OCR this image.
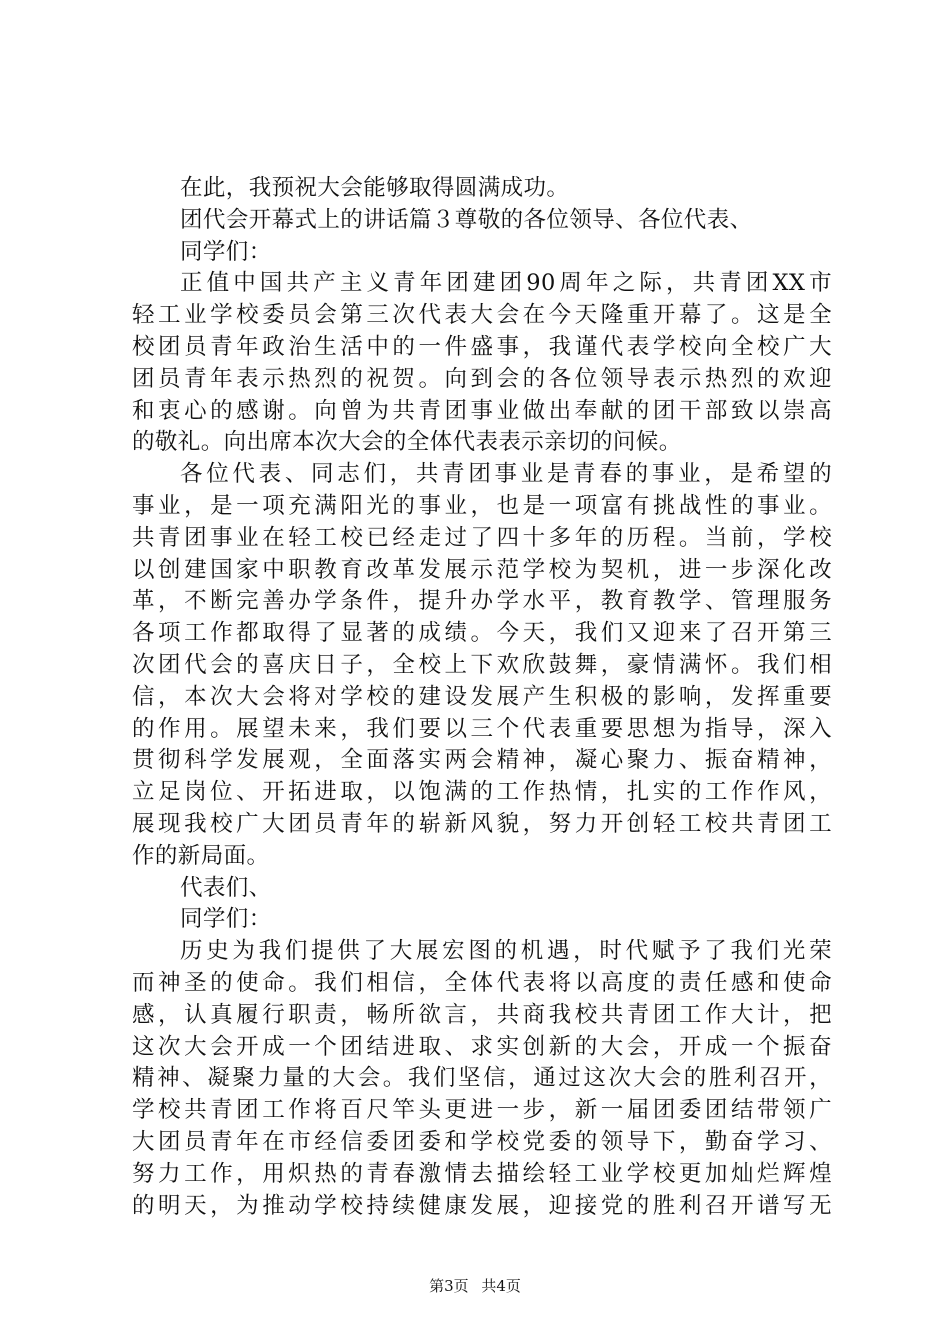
在此，我预祝大会能够取得圆满成功。
团代会开幕式上的讲话篇３尊敬的各位领导、各位代表、
同学们：
正值中国共产主义青年团建团90周年之际，共青团XX市
轻工业学校委员会第三次代表大会在今天隆重开幕了。这是全
校团员青年政治生活中的一件盛事，我谨代表学校向全校广大
团员青年表示热烈的祝贺。向到会的各位领导表示热烈的欢迎
和衷心的感谢。向曾为共青团事业做出奉献的团干部致以崇高
的敬礼。向出席本次大会的全体代表表示亲切的问候。
各位代表、同志们，共青团事业是青春的事业，是希望的
事业，是一项充满阳光的事业，也是一项富有挑战性的事业。
共青团事业在轻工校已经走过了四十多年的历程。当前，学校
以创建国家中职教育改革发展示范学校为契机，进一步深化改
革，不断完善办学条件，提升办学水平，教育教学、管理服务
各项工作都取得了显著的成绩。今天，我们又迎来了召开第三
次团代会的喜庆日子，全校上下欢欣鼓舞，豪情满怀。我们相
信，本次大会将对学校的建设发展产生积极的影响，发挥重要
的作用。展望未来，我们要以三个代表重要思想为指导，深入
贯彻科学发展观，全面落实两会精神，凝心聚力、振奋精神，
立足岗位、开拓进取，以饱满的工作热情，扎实的工作作风，
展现我校广大团员青年的崭新风貌，努力开创轻工校共青团工
作的新局面。
代表们、
同学们：
历史为我们提供了大展宏图的机遇，时代赋予了我们光荣
而神圣的使命。我们相信，全体代表将以高度的责任感和使命
感，认真履行职责，畅所欲言，共商我校共青团工作大计，把
这次大会开成一个团结进取、求实创新的大会，开成一个振奋
精神、凝聚力量的大会。我们坚信，通过这次大会的胜利召开，
学校共青团工作将百尺竿头更进一步，新一届团委团结带领广
大团员青年在市经信委团委和学校党委的领导下，勤奋学习、
努力工作，用炽热的青春激情去描绘轻工业学校更加灿烂辉煌
的明天，为推动学校持续健康发展，迎接党的胜利召开谱写无
第3页 共4页
